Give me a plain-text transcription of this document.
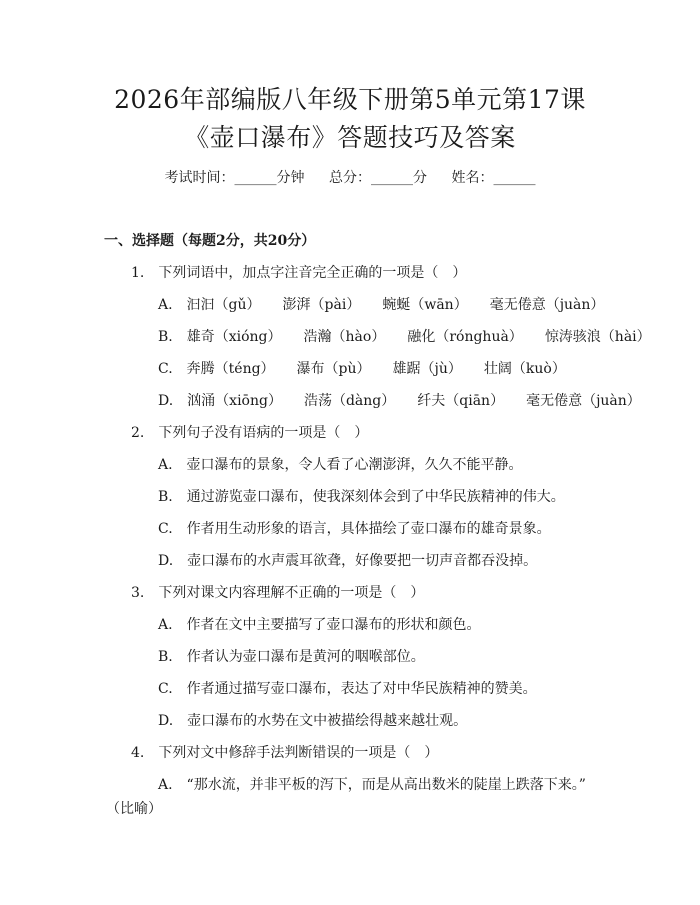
2026年部编版八年级下册第5单元第17课
《壶口瀑布》答题技巧及答案
考试时间：______分钟 总分：______分 姓名：______
一、选择题（每题2分，共20分）
1.　下列词语中，加点字注音完全正确的一项是（　）
A.　汩汩（gǔ） 澎湃（pài） 蜿蜒（wān） 毫无倦意（juàn）
B.　雄奇（xióng） 浩瀚（hào） 融化（rónghuà） 惊涛骇浪（hài）
C.　奔腾（téng） 瀑布（pù） 雄踞（jù） 壮阔（kuò）
D.　汹涌（xiōng） 浩荡（dàng） 纤夫（qiān） 毫无倦意（juàn）
2.　下列句子没有语病的一项是（　）
A.　壶口瀑布的景象，令人看了心潮澎湃，久久不能平静。
B.　通过游览壶口瀑布，使我深刻体会到了中华民族精神的伟大。
C.　作者用生动形象的语言，具体描绘了壶口瀑布的雄奇景象。
D.　壶口瀑布的水声震耳欲聋，好像要把一切声音都吞没掉。
3.　下列对课文内容理解不正确的一项是（　）
A.　作者在文中主要描写了壶口瀑布的形状和颜色。
B.　作者认为壶口瀑布是黄河的咽喉部位。
C.　作者通过描写壶口瀑布，表达了对中华民族精神的赞美。
D.　壶口瀑布的水势在文中被描绘得越来越壮观。
4.　下列对文中修辞手法判断错误的一项是（　）
A.　“那水流，并非平板的泻下，而是从高出数米的陡崖上跌落下来。”
（比喻）
